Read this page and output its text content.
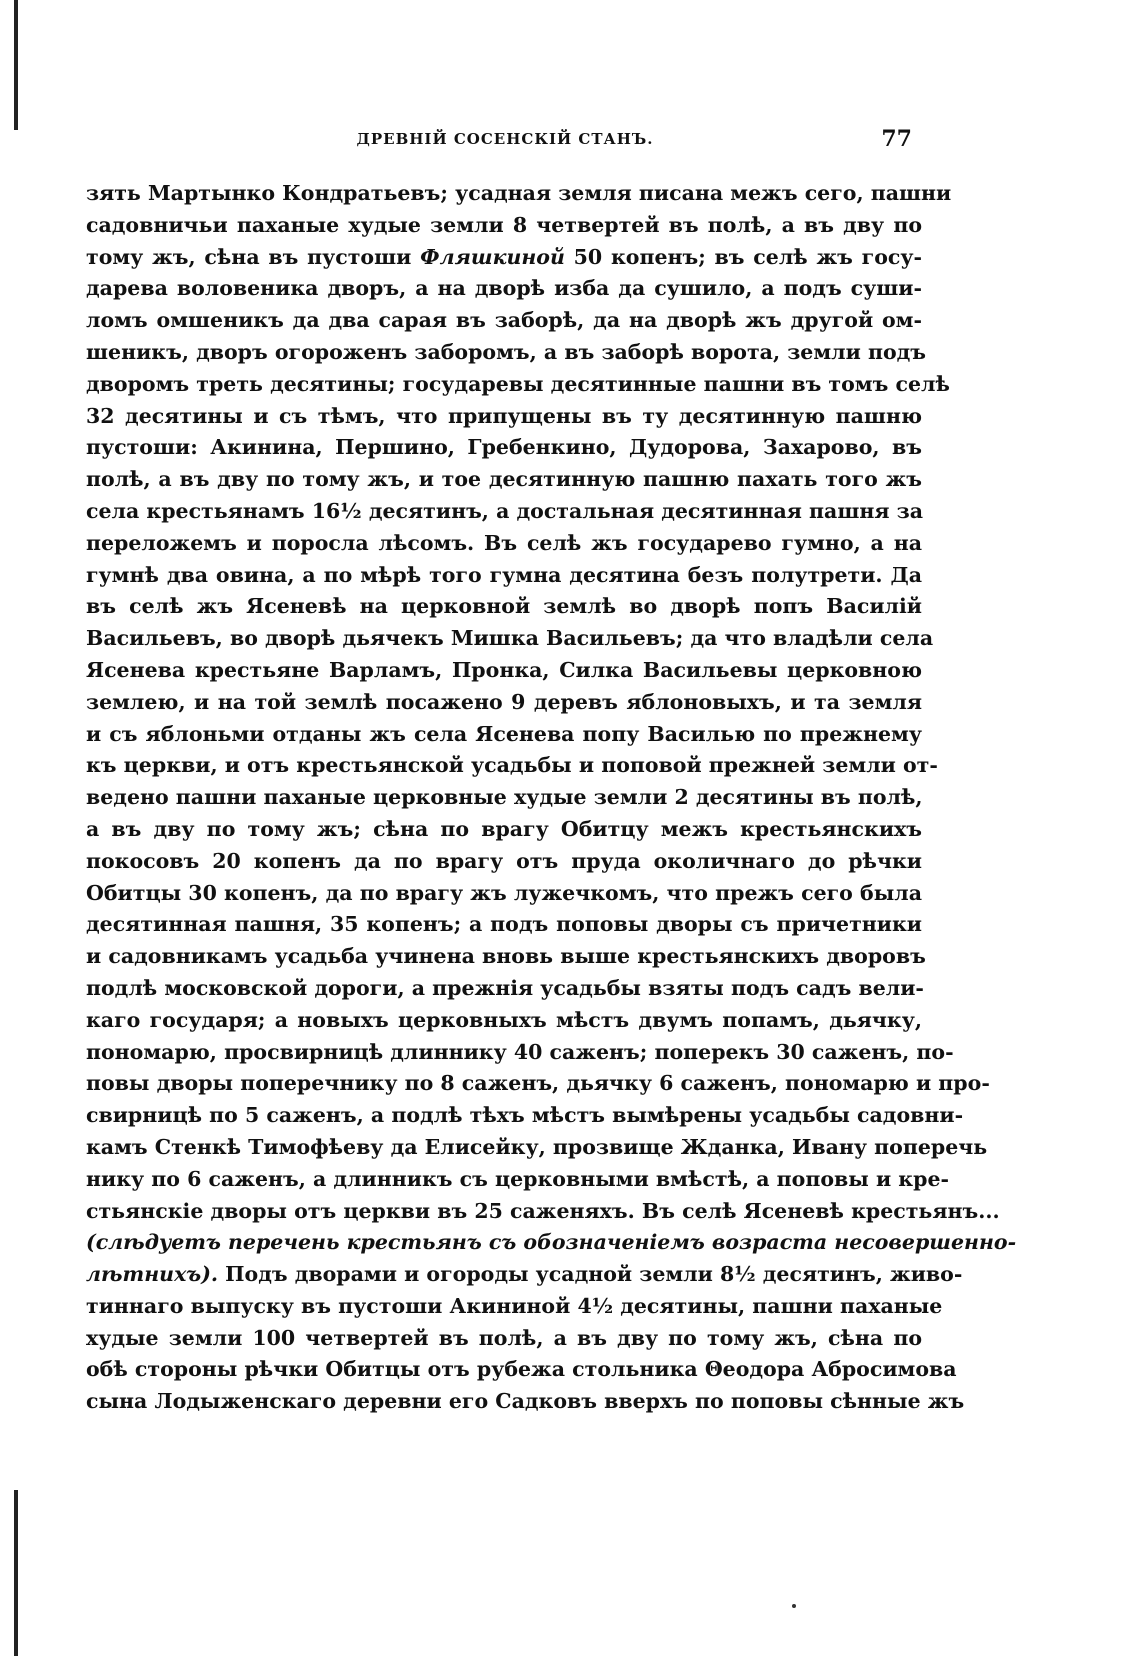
ДРЕВНІЙ СОСЕНСКІЙ СТАНЪ.	77
зять Мартынко Кондратьевъ; усадная земля писана межъ сего, пашни
садовничьи паханые худые земли 8 четвертей въ полѣ, а въ дву по
тому жъ, сѣна въ пустоши Фляшкиной 50 копенъ; въ селѣ жъ госу-
дарева воловеника дворъ, а на дворѣ изба да сушило, а подъ суши-
ломъ омшеникъ да два сарая въ заборѣ, да на дворѣ жъ другой ом-
шеникъ, дворъ огороженъ заборомъ, а въ заборѣ ворота, земли подъ
дворомъ треть десятины; государевы десятинные пашни въ томъ селѣ
32 десятины и съ тѣмъ, что припущены въ ту десятинную пашню
пустоши: Акинина, Першино, Гребенкино, Дудорова, Захарово, въ
полѣ, а въ дву по тому жъ, и тое десятинную пашню пахать того жъ
села крестьянамъ 16½ десятинъ, а достальная десятинная пашня за
переложемъ и поросла лѣсомъ. Въ селѣ жъ государево гумно, а на
гумнѣ два овина, а по мѣрѣ того гумна десятина безъ полутрети. Да
въ селѣ жъ Ясеневѣ на церковной землѣ во дворѣ попъ Василій
Васильевъ, во дворѣ дьячекъ Мишка Васильевъ; да что владѣли села
Ясенева крестьяне Варламъ, Пронка, Силка Васильевы церковною
землею, и на той землѣ посажено 9 деревъ яблоновыхъ, и та земля
и съ яблоньми отданы жъ села Ясенева попу Василью по прежнему
къ церкви, и отъ крестьянской усадьбы и поповой прежней земли от-
ведено пашни паханые церковные худые земли 2 десятины въ полѣ,
а въ дву по тому жъ; сѣна по врагу Обитцу межъ крестьянскихъ
покосовъ 20 копенъ да по врагу отъ пруда околичнаго до рѣчки
Обитцы 30 копенъ, да по врагу жъ лужечкомъ, что прежъ сего была
десятинная пашня, 35 копенъ; а подъ поповы дворы съ причетники
и садовникамъ усадьба учинена вновь выше крестьянскихъ дворовъ
подлѣ московской дороги, а прежнія усадьбы взяты подъ садъ вели-
каго государя; а новыхъ церковныхъ мѣстъ двумъ попамъ, дьячку,
пономарю, просвирницѣ длиннику 40 саженъ; поперекъ 30 саженъ, по-
повы дворы поперечнику по 8 саженъ, дьячку 6 саженъ, пономарю и про-
свирницѣ по 5 саженъ, а подлѣ тѣхъ мѣстъ вымѣрены усадьбы садовни-
камъ Стенкѣ Тимофѣеву да Елисейку, прозвище Жданка, Ивану поперечь
нику по 6 саженъ, а длинникъ съ церковными вмѣстѣ, а поповы и кре-
стьянскіе дворы отъ церкви въ 25 саженяхъ. Въ селѣ Ясеневѣ крестьянъ...
(слѣдуетъ перечень крестьянъ съ обозначеніемъ возраста несовершенно-
лѣтнихъ). Подъ дворами и огороды усадной земли 8½ десятинъ, живо-
тиннаго выпуску въ пустоши Акининой 4½ десятины, пашни паханые
худые земли 100 четвертей въ полѣ, а въ дву по тому жъ, сѣна по
обѣ стороны рѣчки Обитцы отъ рубежа стольника Θеодора Абросимова
сына Лодыженскаго деревни его Садковъ вверхъ по поповы сѣнные жъ
